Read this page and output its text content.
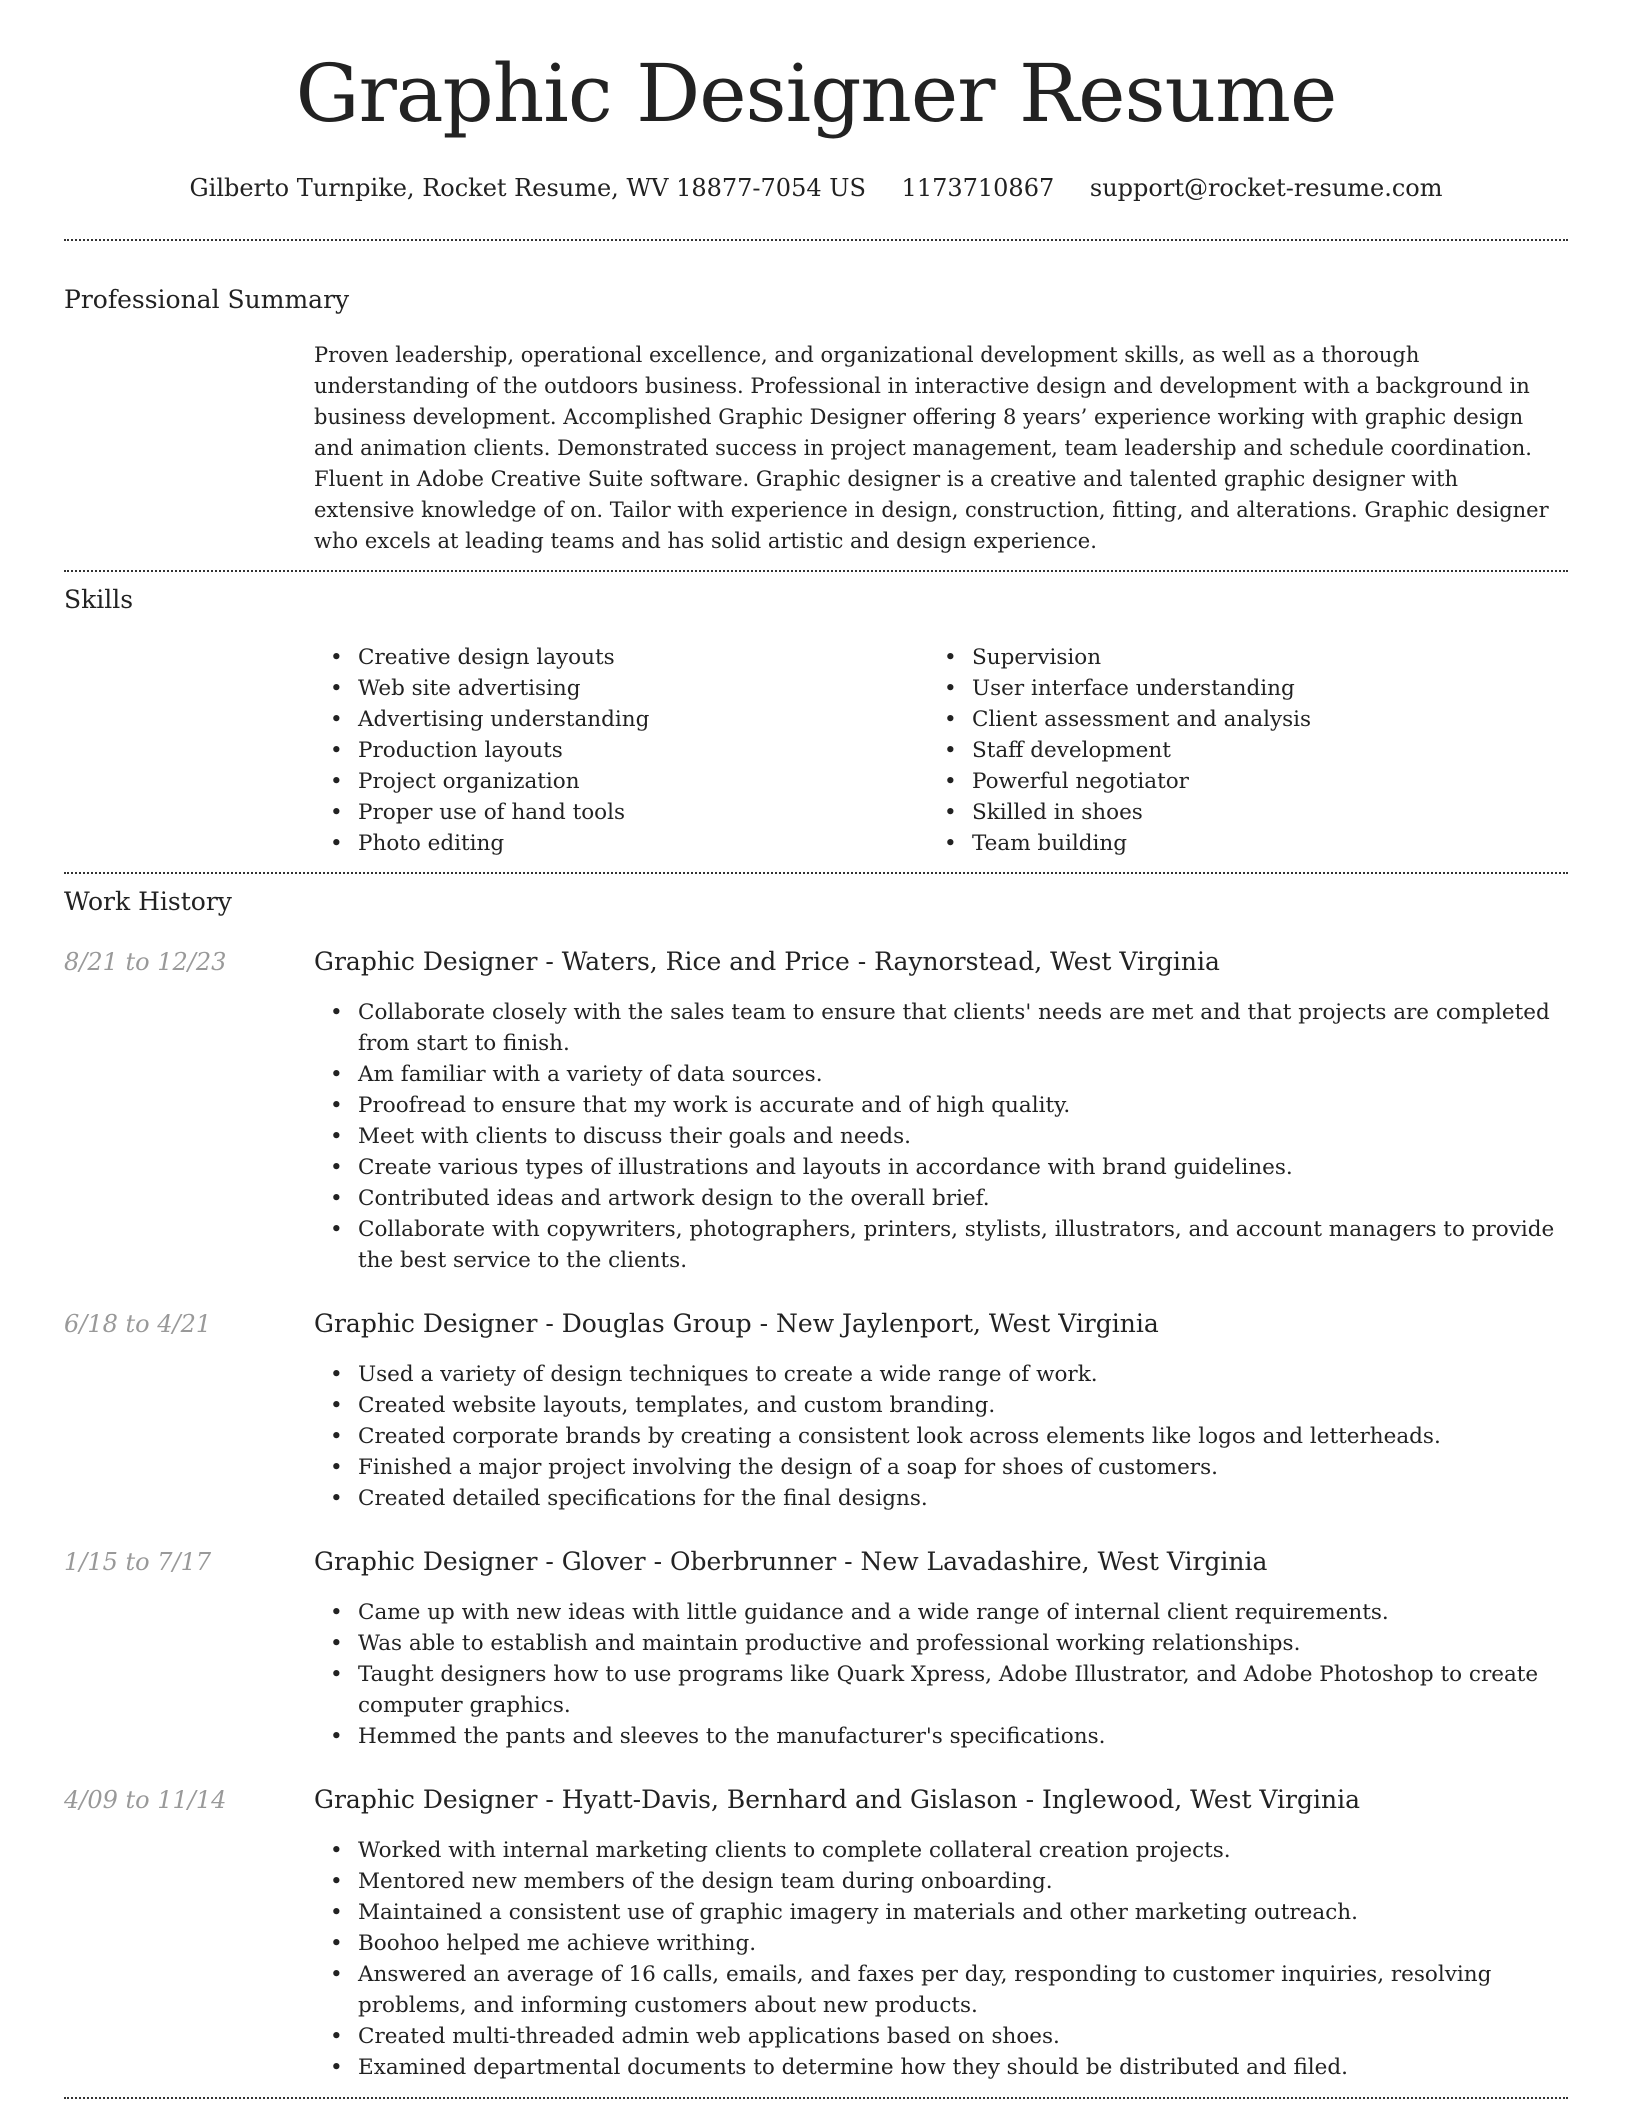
Graphic Designer Resume
Gilberto Turnpike, Rocket Resume, WV 18877-7054 US 1173710867 support@rocket-resume.com
Professional Summary

Proven leadership, operational excellence, and organizational development skills, as well as a thorough understanding of the outdoors business. Professional in interactive design and development with a background in business development. Accomplished Graphic Designer offering 8 years’ experience working with graphic design and animation clients. Demonstrated success in project management, team leadership and schedule coordination. Fluent in Adobe Creative Suite software. Graphic designer is a creative and talented graphic designer with extensive knowledge of on. Tailor with experience in design, construction, fitting, and alterations. Graphic designer who excels at leading teams and has solid artistic and design experience.

Skills
• Creative design layouts
• Web site advertising
• Advertising understanding
• Production layouts
• Project organization
• Proper use of hand tools
• Photo editing
• Supervision
• User interface understanding
• Client assessment and analysis
• Staff development
• Powerful negotiator
• Skilled in shoes
• Team building
Work History
8/21 to 12/23	Graphic Designer - Waters, Rice and Price - Raynorstead, West Virginia
• Collaborate closely with the sales team to ensure that clients' needs are met and that projects are completed from start to finish.
• Am familiar with a variety of data sources.
• Proofread to ensure that my work is accurate and of high quality.
• Meet with clients to discuss their goals and needs.
• Create various types of illustrations and layouts in accordance with brand guidelines.
• Contributed ideas and artwork design to the overall brief.
• Collaborate with copywriters, photographers, printers, stylists, illustrators, and account managers to provide the best service to the clients.
6/18 to 4/21	Graphic Designer - Douglas Group - New Jaylenport, West Virginia
• Used a variety of design techniques to create a wide range of work.
• Created website layouts, templates, and custom branding.
• Created corporate brands by creating a consistent look across elements like logos and letterheads.
• Finished a major project involving the design of a soap for shoes of customers.
• Created detailed specifications for the final designs.
1/15 to 7/17	Graphic Designer - Glover - Oberbrunner - New Lavadashire, West Virginia
• Came up with new ideas with little guidance and a wide range of internal client requirements.
• Was able to establish and maintain productive and professional working relationships.
• Taught designers how to use programs like Quark Xpress, Adobe Illustrator, and Adobe Photoshop to create computer graphics.
• Hemmed the pants and sleeves to the manufacturer's specifications.
4/09 to 11/14	Graphic Designer - Hyatt-Davis, Bernhard and Gislason - Inglewood, West Virginia
• Worked with internal marketing clients to complete collateral creation projects.
• Mentored new members of the design team during onboarding.
• Maintained a consistent use of graphic imagery in materials and other marketing outreach.
• Boohoo helped me achieve writhing.
• Answered an average of 16 calls, emails, and faxes per day, responding to customer inquiries, resolving problems, and informing customers about new products.
• Created multi-threaded admin web applications based on shoes.
• Examined departmental documents to determine how they should be distributed and filed.
